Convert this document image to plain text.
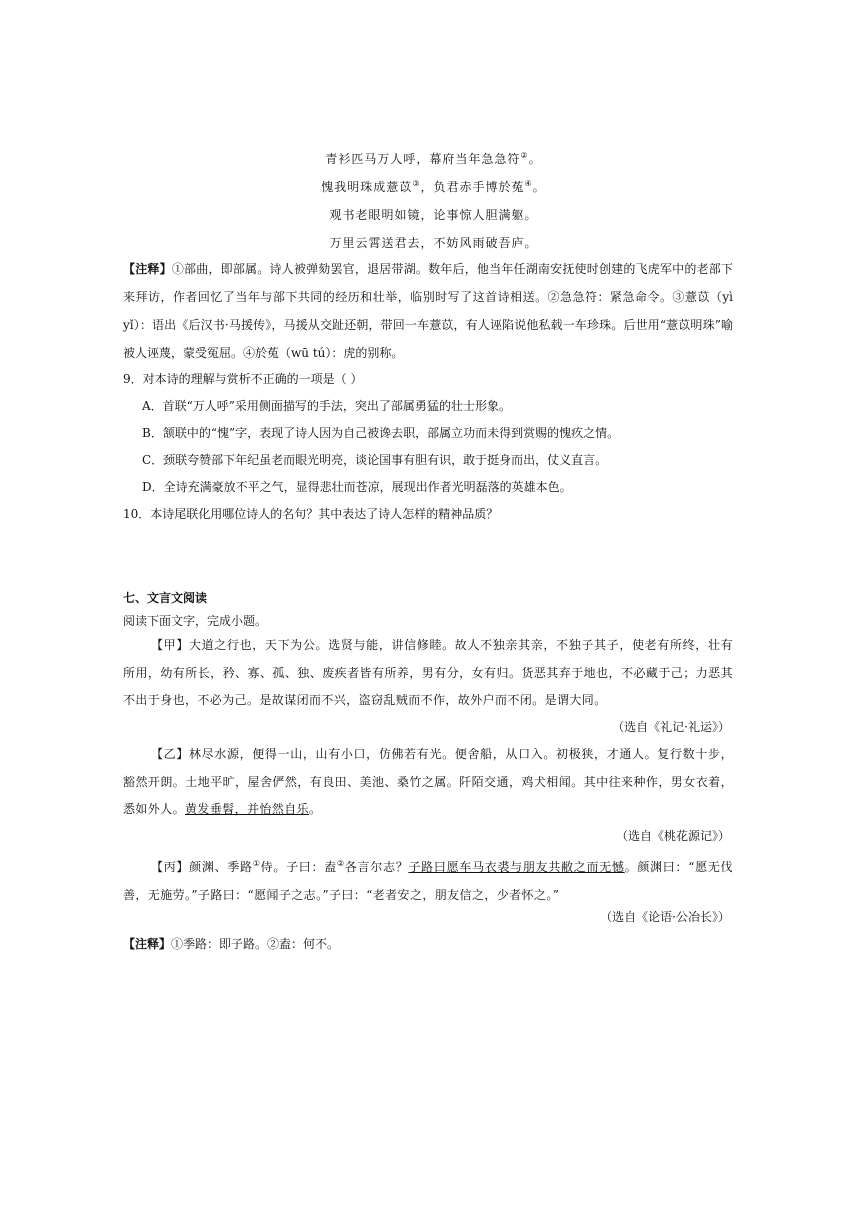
青衫匹马万人呼，幕府当年急急符②。
愧我明珠成薏苡③，负君赤手博於菟④。
观书老眼明如镜，论事惊人胆满躯。
万里云霄送君去，不妨风雨破吾庐。
【注释】①部曲，即部属。诗人被弹劾罢官，退居带湖。数年后，他当年任湖南安抚使时创建的飞虎军中的老部下来拜访，作者回忆了当年与部下共同的经历和壮举，临别时写了这首诗相送。②急急符：紧急命令。③薏苡（yì yǐ）：语出《后汉书·马援传》，马援从交趾还朝，带回一车薏苡，有人诬陷说他私载一车珍珠。后世用“薏苡明珠”喻被人诬蔑，蒙受冤屈。④於菟（wū tú）：虎的别称。
9．对本诗的理解与赏析不正确的一项是（ ）
A．首联“万人呼”采用侧面描写的手法，突出了部属勇猛的壮士形象。
B．颔联中的“愧”字，表现了诗人因为自己被谗去职，部属立功而未得到赏赐的愧疚之情。
C．颈联夸赞部下年纪虽老而眼光明亮，谈论国事有胆有识，敢于挺身而出，仗义直言。
D．全诗充满豪放不平之气，显得悲壮而苍凉，展现出作者光明磊落的英雄本色。
10．本诗尾联化用哪位诗人的名句？其中表达了诗人怎样的精神品质？
七、文言文阅读
阅读下面文字，完成小题。
【甲】大道之行也，天下为公。选贤与能，讲信修睦。故人不独亲其亲，不独子其子，使老有所终，壮有所用，幼有所长，矜、寡、孤、独、废疾者皆有所养，男有分，女有归。货恶其弃于地也，不必藏于己；力恶其不出于身也，不必为己。是故谋闭而不兴，盗窃乱贼而不作，故外户而不闭。是谓大同。
（选自《礼记·礼运》）
【乙】林尽水源，便得一山，山有小口，仿佛若有光。便舍船，从口入。初极狭，才通人。复行数十步，豁然开朗。土地平旷，屋舍俨然，有良田、美池、桑竹之属。阡陌交通，鸡犬相闻。其中往来种作，男女衣着，悉如外人。黄发垂髫，并怡然自乐。
（选自《桃花源记》）
【丙】颜渊、季路①侍。子曰：盍②各言尔志？子路曰愿车马衣裘与朋友共敝之而无憾。颜渊曰：“愿无伐善，无施劳。”子路曰：“愿闻子之志。”子曰：“老者安之，朋友信之，少者怀之。”
（选自《论语·公冶长》）
【注释】①季路：即子路。②盍：何不。
